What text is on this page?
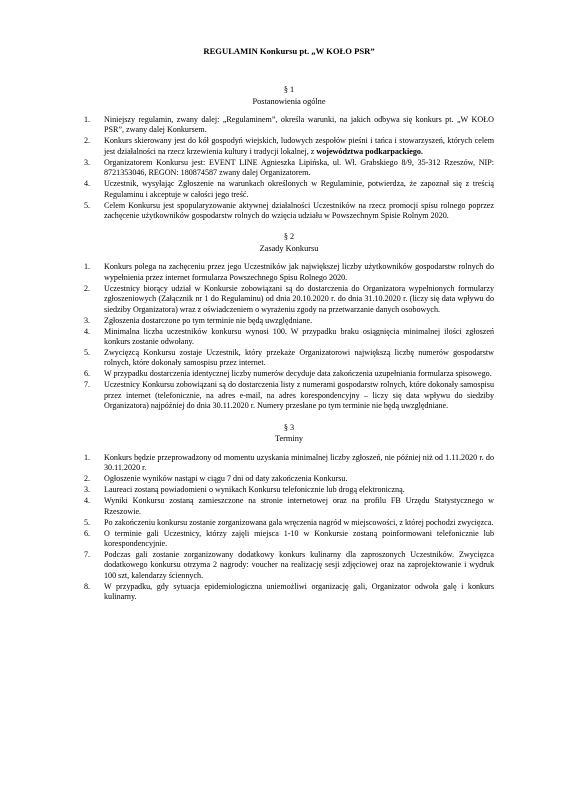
REGULAMIN Konkursu pt. „W KOŁO PSR”
§ 1
Postanowienia ogólne
1.	Niniejszy regulamin, zwany dalej: „Regulaminem”, określa warunki, na jakich odbywa się konkurs pt. „W KOŁO PSR”, zwany dalej Konkursem.
2.	Konkurs skierowany jest do kół gospodyń wiejskich, ludowych zespołów pieśni i tańca i stowarzyszeń, których celem jest działalności na rzecz krzewienia kultury i tradycji lokalnej, z województwa podkarpackiego.
3.	Organizatorem Konkursu jest: EVENT LINE Agnieszka Lipińska, ul. Wł. Grabskiego 8/9, 35-312 Rzeszów, NIP: 8721353046, REGON: 180874587 zwany dalej Organizatorem.
4.	Uczestnik, wysyłając Zgłoszenie na warunkach określonych w Regulaminie, potwierdza, że zapoznał się z treścią Regulaminu i akceptuje w całości jego treść.
5.	Celem Konkursu jest spopularyzowanie aktywnej działalności Uczestników na rzecz promocji spisu rolnego poprzez zachęcenie użytkowników gospodarstw rolnych do wzięcia udziału w Powszechnym Spisie Rolnym 2020.
§ 2
Zasady Konkursu
1.	Konkurs polega na zachęceniu przez jego Uczestników jak największej liczby użytkowników gospodarstw rolnych do wypełnienia przez internet formularza Powszechnego Spisu Rolnego 2020.
2.	Uczestnicy biorący udział w Konkursie zobowiązani są do dostarczenia do Organizatora wypełnionych formularzy zgłoszeniowych (Załącznik nr 1 do Regulaminu) od dnia 20.10.2020 r. do dnia 31.10.2020 r. (liczy się data wpływu do siedziby Organizatora) wraz z oświadczeniem o wyrażeniu zgody na przetwarzanie danych osobowych.
3.	Zgłoszenia dostarczone po tym terminie nie będą uwzględniane.
4.	Minimalna liczba uczestników konkursu wynosi 100. W przypadku braku osiągnięcia minimalnej ilości zgłoszeń konkurs zostanie odwołany.
5.	Zwycięzcą Konkursu zostaje Uczestnik, który przekaże Organizatorowi największą liczbę numerów gospodarstw rolnych, które dokonały samospisu przez internet.
6.	W przypadku dostarczenia identycznej liczby numerów decyduje data zakończenia uzupełniania formularza spisowego.
7.	Uczestnicy Konkursu zobowiązani są do dostarczenia listy z numerami gospodarstw rolnych, które dokonały samospisu przez internet (telefonicznie, na adres e-mail, na adres korespondencyjny – liczy się data wpływu do siedziby Organizatora) najpóźniej do dnia 30.11.2020 r. Numery przesłane po tym terminie nie będą uwzględniane.
§ 3
Terminy
1.	Konkurs będzie przeprowadzony od momentu uzyskania minimalnej liczby zgłoszeń, nie później niż od 1.11.2020 r. do 30.11.2020 r.
2.	Ogłoszenie wyników nastąpi w ciągu 7 dni od daty zakończenia Konkursu.
3.	Laureaci zostaną powiadomieni o wynikach Konkursu telefonicznie lub drogą elektroniczną.
4.	Wyniki Konkursu zostaną zamieszczone na stronie internetowej oraz na profilu FB Urzędu Statystycznego w Rzeszowie.
5.	Po zakończeniu konkursu zostanie zorganizowana gala wręczenia nagród w miejscowości, z której pochodzi zwycięzca.
6.	O terminie gali Uczestnicy, którzy zajęli miejsca 1-10 w Konkursie zostaną poinformowani telefonicznie lub korespondencyjnie.
7.	Podczas gali zostanie zorganizowany dodatkowy konkurs kulinarny dla zaproszonych Uczestników. Zwycięzca dodatkowego konkursu otrzyma 2 nagrody: voucher na realizację sesji zdjęciowej oraz na zaprojektowanie i wydruk 100 szt, kalendarzy ściennych.
8.	W przypadku, gdy sytuacja epidemiologiczna uniemożliwi organizację gali, Organizator odwoła galę i konkurs kulinarny.
